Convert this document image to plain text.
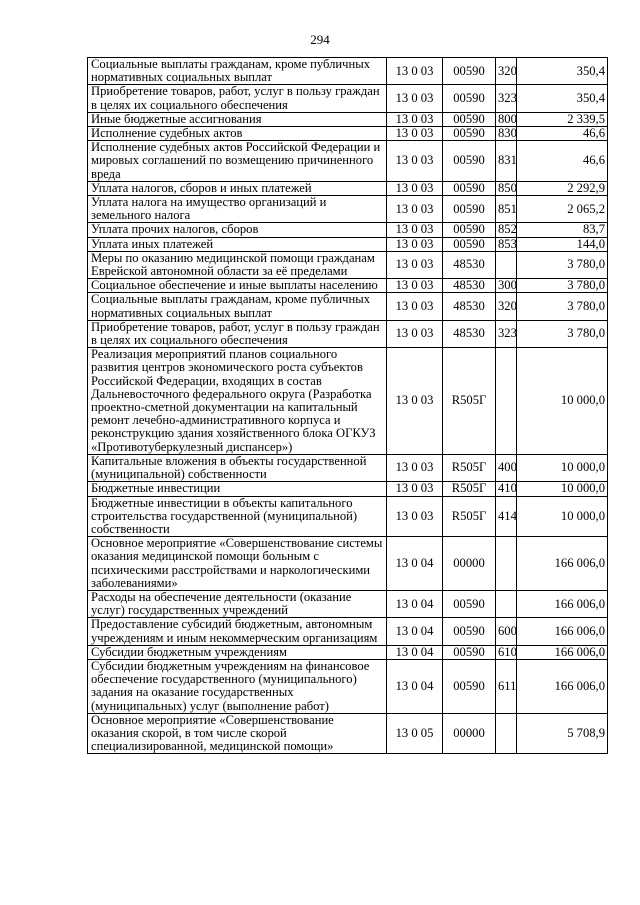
294
Социальные выплаты гражданам, кроме публичных нормативных социальных выплат	13 0 03	00590	320	350,4
Приобретение товаров, работ, услуг в пользу граждан в целях их социального обеспечения	13 0 03	00590	323	350,4
Иные бюджетные ассигнования	13 0 03	00590	800	2 339,5
Исполнение судебных актов	13 0 03	00590	830	46,6
Исполнение судебных актов Российской Федерации и мировых соглашений по возмещению причиненного вреда	13 0 03	00590	831	46,6
Уплата налогов, сборов и иных платежей	13 0 03	00590	850	2 292,9
Уплата налога на имущество организаций и земельного налога	13 0 03	00590	851	2 065,2
Уплата прочих налогов, сборов	13 0 03	00590	852	83,7
Уплата иных платежей	13 0 03	00590	853	144,0
Меры по оказанию медицинской помощи гражданам Еврейской автономной области за её пределами	13 0 03	48530		3 780,0
Социальное обеспечение и иные выплаты населению	13 0 03	48530	300	3 780,0
Социальные выплаты гражданам, кроме публичных нормативных социальных выплат	13 0 03	48530	320	3 780,0
Приобретение товаров, работ, услуг в пользу граждан в целях их социального обеспечения	13 0 03	48530	323	3 780,0
Реализация мероприятий планов социального развития центров экономического роста субъектов Российской Федерации, входящих в состав Дальневосточного федерального округа (Разработка проектно-сметной документации на капитальный ремонт лечебно-административного корпуса и реконструкцию здания хозяйственного блока ОГКУЗ «Противотуберкулезный диспансер»)	13 0 03	R505Г		10 000,0
Капитальные вложения в объекты государственной (муниципальной) собственности	13 0 03	R505Г	400	10 000,0
Бюджетные инвестиции	13 0 03	R505Г	410	10 000,0
Бюджетные инвестиции в объекты капитального строительства государственной (муниципальной) собственности	13 0 03	R505Г	414	10 000,0
Основное мероприятие «Совершенствование системы оказания медицинской помощи больным с психическими расстройствами и наркологическими заболеваниями»	13 0 04	00000		166 006,0
Расходы на обеспечение деятельности (оказание услуг) государственных учреждений	13 0 04	00590		166 006,0
Предоставление субсидий бюджетным, автономным учреждениям и иным некоммерческим организациям	13 0 04	00590	600	166 006,0
Субсидии бюджетным учреждениям	13 0 04	00590	610	166 006,0
Субсидии бюджетным учреждениям на финансовое обеспечение государственного (муниципального) задания на оказание государственных (муниципальных) услуг (выполнение работ)	13 0 04	00590	611	166 006,0
Основное мероприятие «Совершенствование оказания скорой, в том числе скорой специализированной, медицинской помощи»	13 0 05	00000		5 708,9
